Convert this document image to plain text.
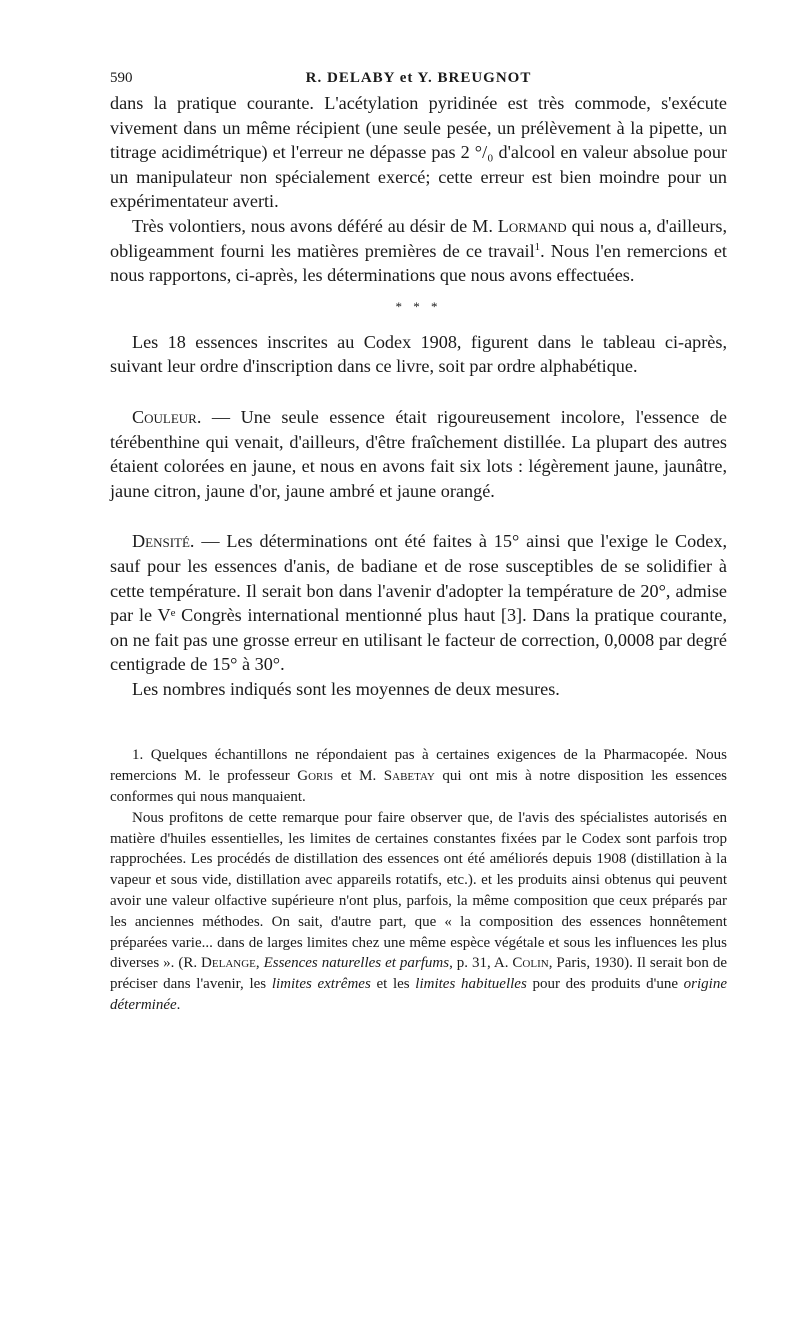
590	R. DELABY et Y. BREUGNOT

dans la pratique courante. L'acétylation pyridinée est très commode, s'exécute vivement dans un même récipient (une seule pesée, un prélèvement à la pipette, un titrage acidimétrique) et l'erreur ne dépasse pas 2 °/₀ d'alcool en valeur absolue pour un manipulateur non spécialement exercé; cette erreur est bien moindre pour un expérimentateur averti.

Très volontiers, nous avons déféré au désir de M. Lormand qui nous a, d'ailleurs, obligeamment fourni les matières premières de ce travail$^1$. Nous l'en remercions et nous rapportons, ci-après, les déterminations que nous avons effectuées.

* * *

Les 18 essences inscrites au Codex 1908, figurent dans le tableau ci-après, suivant leur ordre d'inscription dans ce livre, soit par ordre alphabétique.

Couleur. — Une seule essence était rigoureusement incolore, l'essence de térébenthine qui venait, d'ailleurs, d'être fraîchement distillée. La plupart des autres étaient colorées en jaune, et nous en avons fait six lots : légèrement jaune, jaunâtre, jaune citron, jaune d'or, jaune ambré et jaune orangé.

Densité. — Les déterminations ont été faites à 15° ainsi que l'exige le Codex, sauf pour les essences d'anis, de badiane et de rose susceptibles de se solidifier à cette température. Il serait bon dans l'avenir d'adopter la température de 20°, admise par le Vᵉ Congrès international mentionné plus haut [3]. Dans la pratique courante, on ne fait pas une grosse erreur en utilisant le facteur de correction, 0,0008 par degré centigrade de 15° à 30°.

Les nombres indiqués sont les moyennes de deux mesures.

1. Quelques échantillons ne répondaient pas à certaines exigences de la Pharmacopée. Nous remercions M. le professeur Goris et M. Sabetay qui ont mis à notre disposition les essences conformes qui nous manquaient.

Nous profitons de cette remarque pour faire observer que, de l'avis des spécialistes autorisés en matière d'huiles essentielles, les limites de certaines constantes fixées par le Codex sont parfois trop rapprochées. Les procédés de distillation des essences ont été améliorés depuis 1908 (distillation à la vapeur et sous vide, distillation avec appareils rotatifs, etc.). et les produits ainsi obtenus qui peuvent avoir une valeur olfactive supérieure n'ont plus, parfois, la même composition que ceux préparés par les anciennes méthodes. On sait, d'autre part, que « la composition des essences honnêtement préparées varie... dans de larges limites chez une même espèce végétale et sous les influences les plus diverses ». (R. Delange, Essences naturelles et parfums, p. 31, A. Colin, Paris, 1930). Il serait bon de préciser dans l'avenir, les limites extrêmes et les limites habituelles pour des produits d'une origine déterminée.
